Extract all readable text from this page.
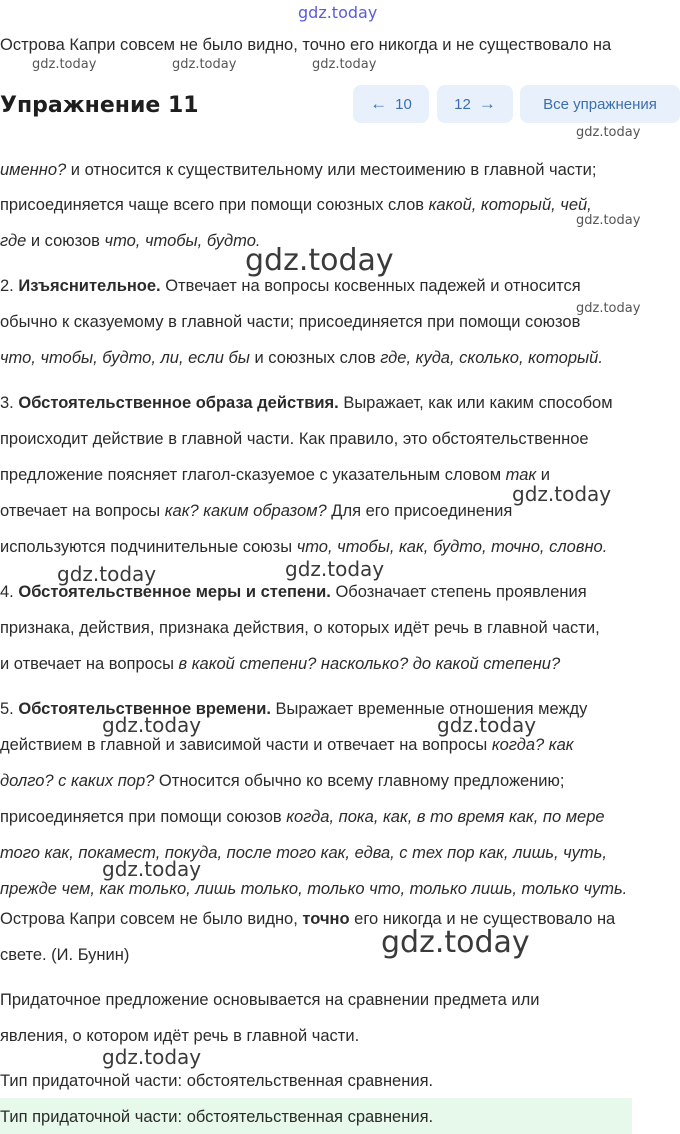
gdz.today
Острова Капри совсем не было видно, точно его никогда и не существовало на
gdz.today	gdz.today	gdz.today
Упражнение 11	← 10	12 →	Все упражнения
gdz.today
именно? и относится к существительному или местоимению в главной части;
присоединяется чаще всего при помощи союзных слов какой, который, чей,
gdz.today
где и союзов что, чтобы, будто.
gdz.today
2. Изъяснительное. Отвечает на вопросы косвенных падежей и относится
gdz.today
обычно к сказуемому в главной части; присоединяется при помощи союзов
что, чтобы, будто, ли, если бы и союзных слов где, куда, сколько, который.
3. Обстоятельственное образа действия. Выражает, как или каким способом
происходит действие в главной части. Как правило, это обстоятельственное
предложение поясняет глагол-сказуемое с указательным словом так и
gdz.today
отвечает на вопросы как? каким образом? Для его присоединения
используются подчинительные союзы что, чтобы, как, будто, точно, словно.
gdz.today	gdz.today
4. Обстоятельственное меры и степени. Обозначает степень проявления
признака, действия, признака действия, о которых идёт речь в главной части,
и отвечает на вопросы в какой степени? насколько? до какой степени?
5. Обстоятельственное времени. Выражает временные отношения между
gdz.today	gdz.today
действием в главной и зависимой части и отвечает на вопросы когда? как
долго? с каких пор? Относится обычно ко всему главному предложению;
присоединяется при помощи союзов когда, пока, как, в то время как, по мере
того как, покамест, покуда, после того как, едва, с тех пор как, лишь, чуть,
gdz.today
прежде чем, как только, лишь только, только что, только лишь, только чуть.
Острова Капри совсем не было видно, точно его никогда и не существовало на
gdz.today
свете. (И. Бунин)
Придаточное предложение основывается на сравнении предмета или
явления, о котором идёт речь в главной части.
gdz.today
Тип придаточной части: обстоятельственная сравнения.
Тип придаточной части: обстоятельственная сравнения.
